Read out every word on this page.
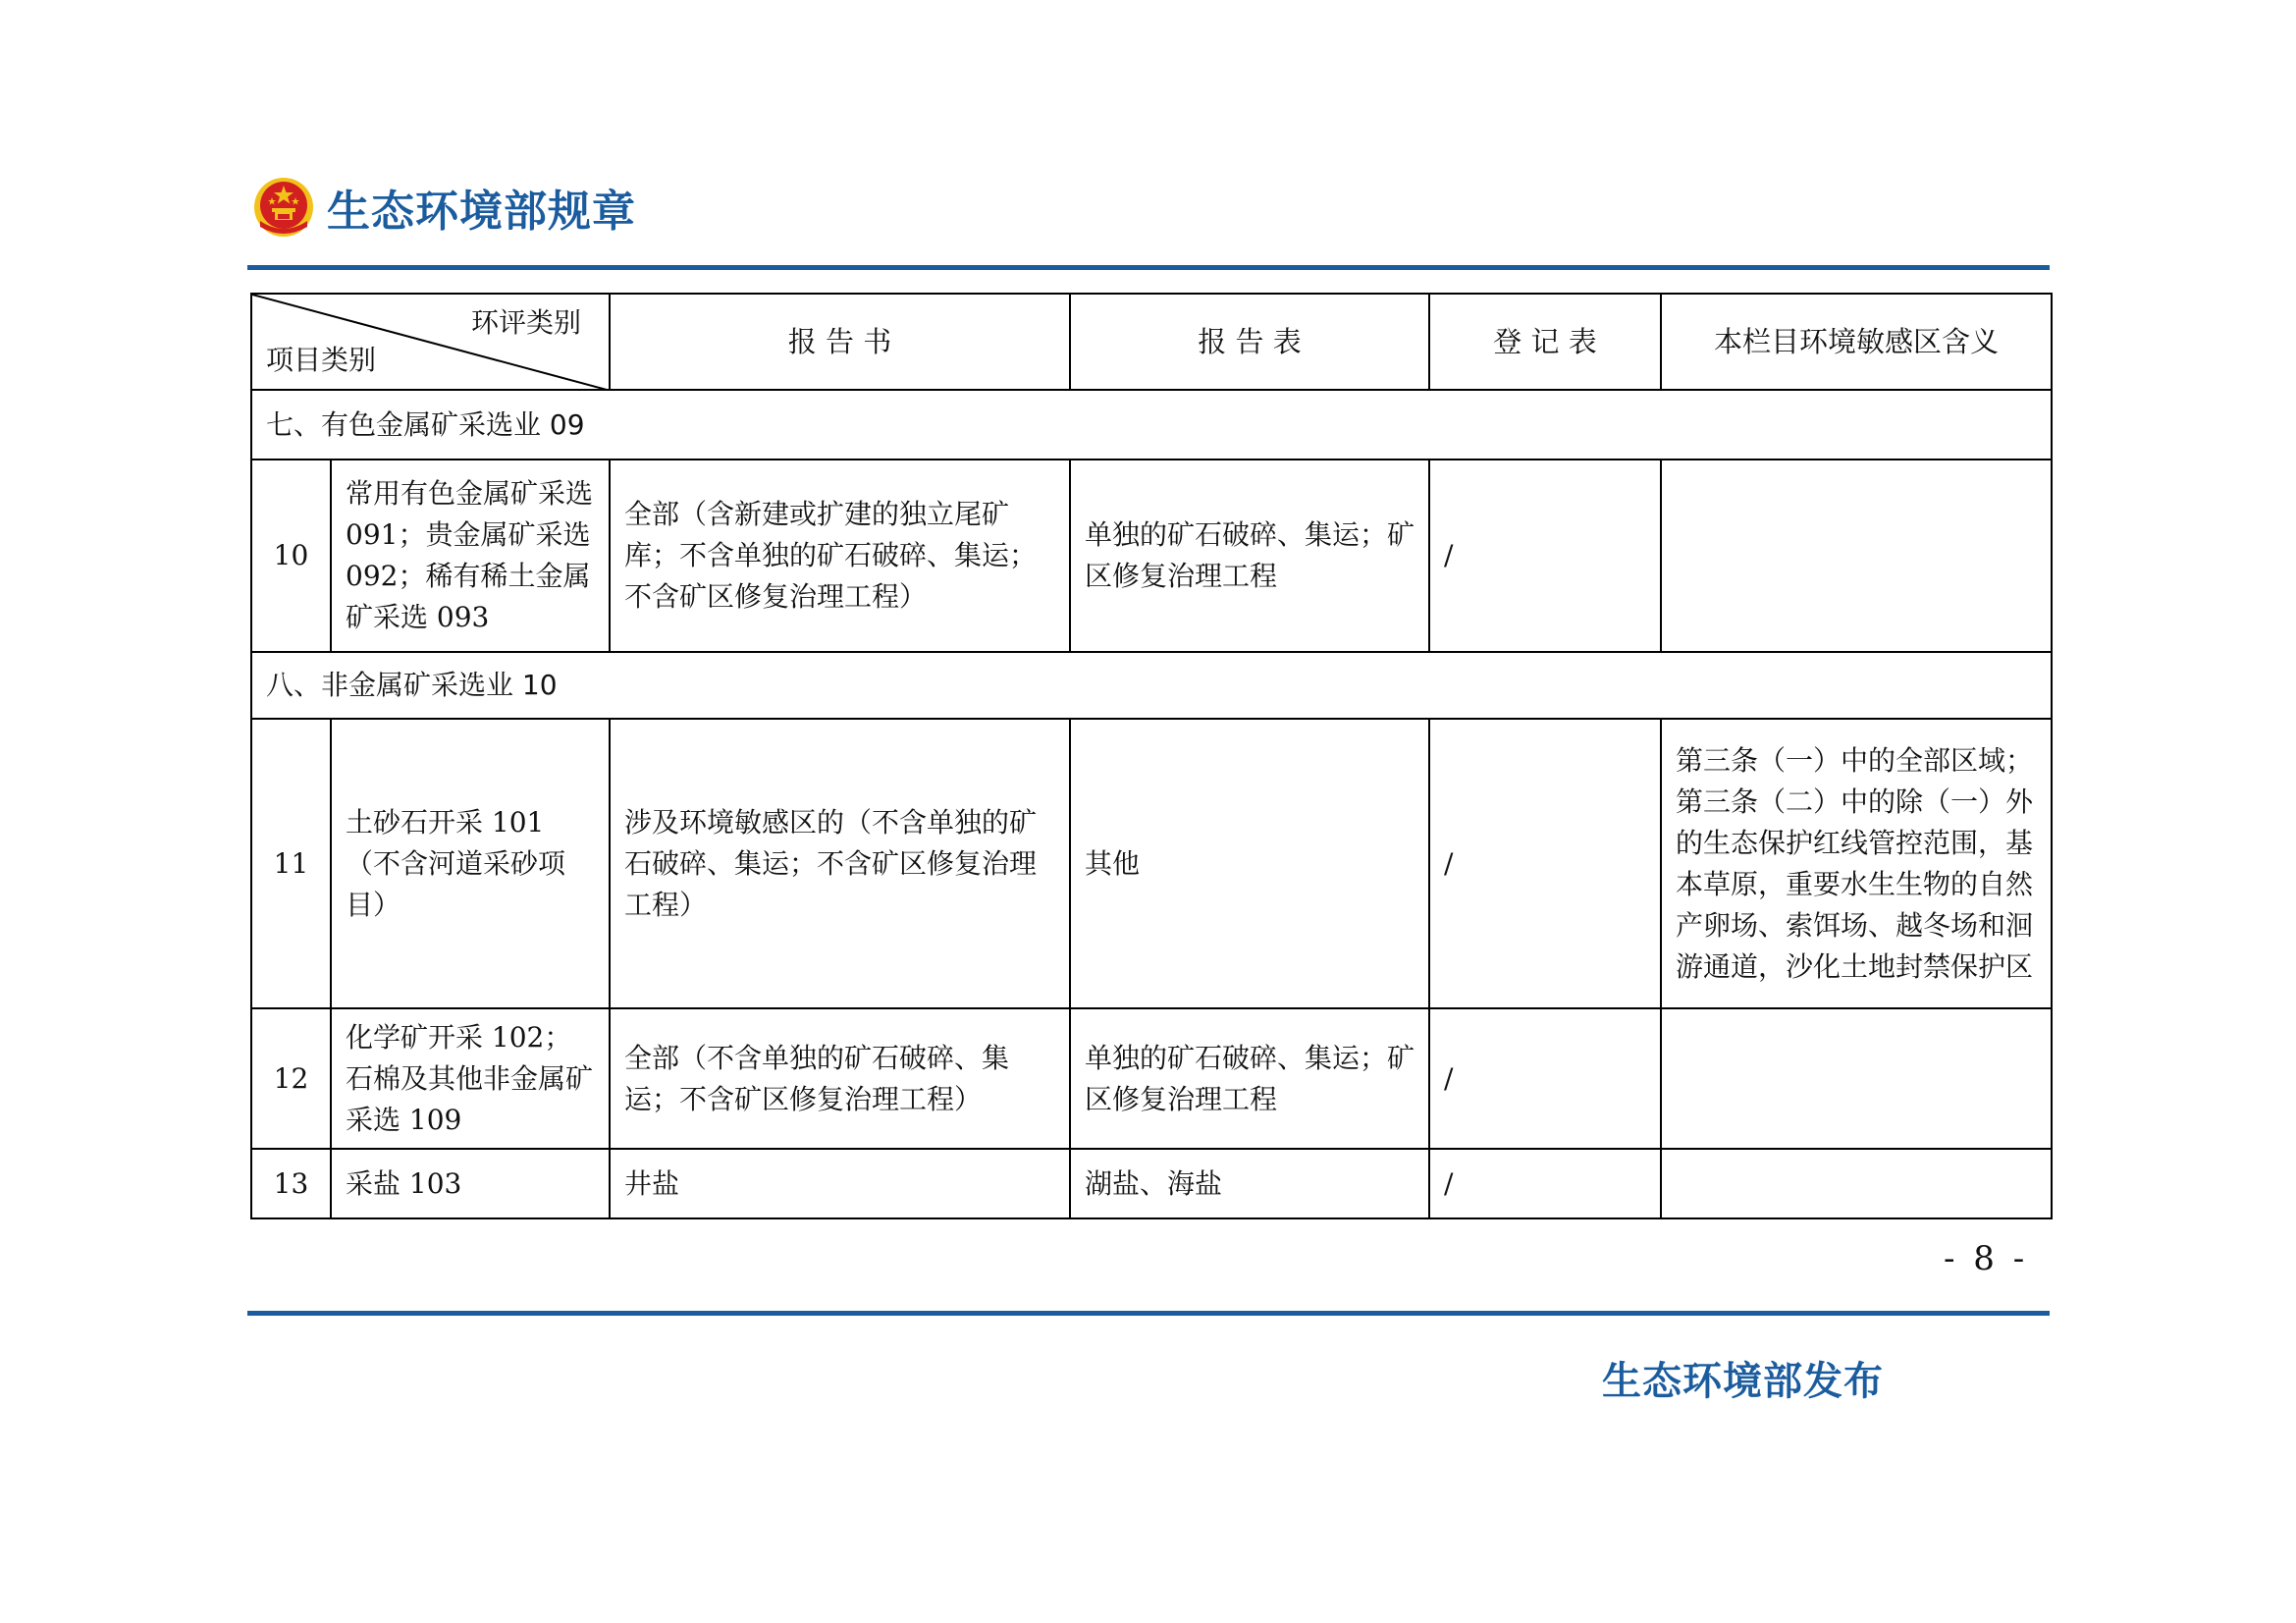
生态环境部规章
环评类别
项目类别		报 告 书	报 告 表	登 记 表	本栏目环境敏感区含义
七、有色金属矿采选业 09					
10	常用有色金属矿采选 091；贵金属矿采选 092；稀有稀土金属矿采选 093	全部（含新建或扩建的独立尾矿库；不含单独的矿石破碎、集运；不含矿区修复治理工程）	单独的矿石破碎、集运；矿区修复治理工程	/	
八、非金属矿采选业 10					
11	土砂石开采 101（不含河道采砂项目）	涉及环境敏感区的（不含单独的矿石破碎、集运；不含矿区修复治理工程）	其他	/	第三条（一）中的全部区域；第三条（二）中的除（一）外的生态保护红线管控范围，基本草原，重要水生生物的自然产卵场、索饵场、越冬场和洄游通道，沙化土地封禁保护区
12	化学矿开采 102；石棉及其他非金属矿采选 109	全部（不含单独的矿石破碎、集运；不含矿区修复治理工程）	单独的矿石破碎、集运；矿区修复治理工程	/	
13	采盐 103	井盐	湖盐、海盐	/	
- 8 -
生态环境部发布
